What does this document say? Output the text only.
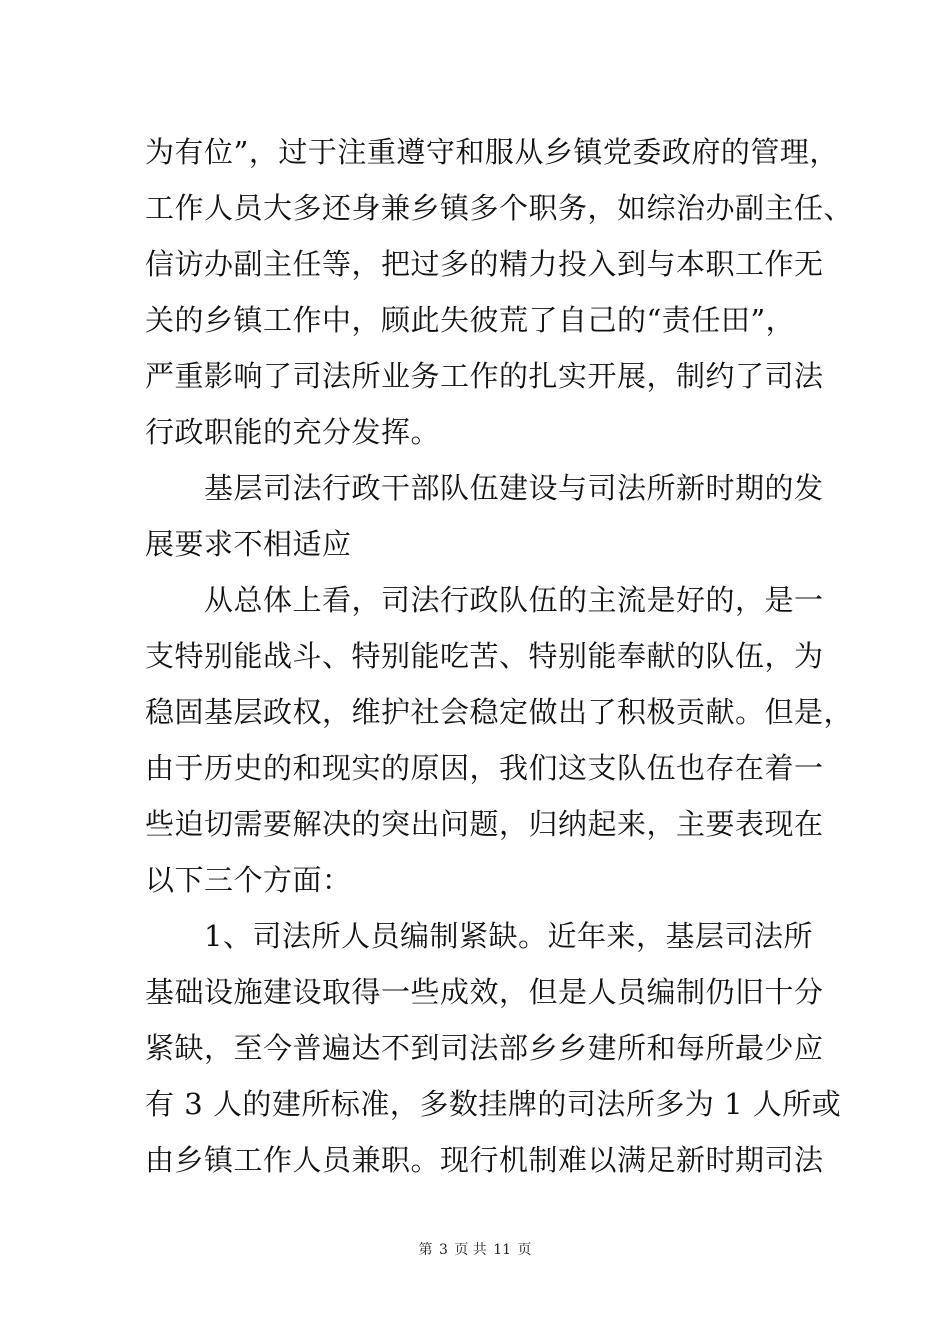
为有位”，过于注重遵守和服从乡镇党委政府的管理，
工作人员大多还身兼乡镇多个职务，如综治办副主任、
信访办副主任等，把过多的精力投入到与本职工作无
关的乡镇工作中，顾此失彼荒了自己的“责任田”，
严重影响了司法所业务工作的扎实开展，制约了司法
行政职能的充分发挥。
　　基层司法行政干部队伍建设与司法所新时期的发
展要求不相适应
　　从总体上看，司法行政队伍的主流是好的，是一
支特别能战斗、特别能吃苦、特别能奉献的队伍，为
稳固基层政权，维护社会稳定做出了积极贡献。但是，
由于历史的和现实的原因，我们这支队伍也存在着一
些迫切需要解决的突出问题，归纳起来，主要表现在
以下三个方面：
　　1、司法所人员编制紧缺。近年来，基层司法所
基础设施建设取得一些成效，但是人员编制仍旧十分
紧缺，至今普遍达不到司法部乡乡建所和每所最少应
有 3 人的建所标准，多数挂牌的司法所多为 1 人所或
由乡镇工作人员兼职。现行机制难以满足新时期司法
第 3 页 共 11 页
